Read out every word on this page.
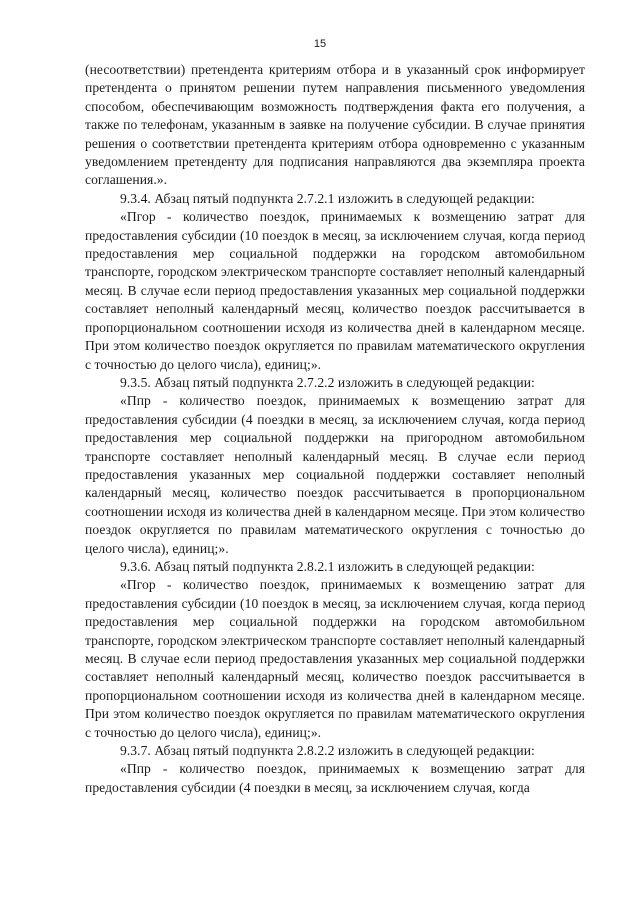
15

(несоответствии) претендента критериям отбора и в указанный срок информирует претендента о принятом решении путем направления письменного уведомления способом, обеспечивающим возможность подтверждения факта его получения, а также по телефонам, указанным в заявке на получение субсидии. В случае принятия решения о соответствии претендента критериям отбора одновременно с указанным уведомлением претенденту для подписания направляются два экземпляра проекта соглашения.».

9.3.4. Абзац пятый подпункта 2.7.2.1 изложить в следующей редакции:

«Пгор - количество поездок, принимаемых к возмещению затрат для предоставления субсидии (10 поездок в месяц, за исключением случая, когда период предоставления мер социальной поддержки на городском автомобильном транспорте, городском электрическом транспорте составляет неполный календарный месяц. В случае если период предоставления указанных мер социальной поддержки составляет неполный календарный месяц, количество поездок рассчитывается в пропорциональном соотношении исходя из количества дней в календарном месяце. При этом количество поездок округляется по правилам математического округления с точностью до целого числа), единиц;».

9.3.5. Абзац пятый подпункта 2.7.2.2 изложить в следующей редакции:

«Ппр - количество поездок, принимаемых к возмещению затрат для предоставления субсидии (4 поездки в месяц, за исключением случая, когда период предоставления мер социальной поддержки на пригородном автомобильном транспорте составляет неполный календарный месяц. В случае если период предоставления указанных мер социальной поддержки составляет неполный календарный месяц, количество поездок рассчитывается в пропорциональном соотношении исходя из количества дней в календарном месяце. При этом количество поездок округляется по правилам математического округления с точностью до целого числа), единиц;».

9.3.6. Абзац пятый подпункта 2.8.2.1 изложить в следующей редакции:

«Пгор - количество поездок, принимаемых к возмещению затрат для предоставления субсидии (10 поездок в месяц, за исключением случая, когда период предоставления мер социальной поддержки на городском автомобильном транспорте, городском электрическом транспорте составляет неполный календарный месяц. В случае если период предоставления указанных мер социальной поддержки составляет неполный календарный месяц, количество поездок рассчитывается в пропорциональном соотношении исходя из количества дней в календарном месяце. При этом количество поездок округляется по правилам математического округления с точностью до целого числа), единиц;».

9.3.7. Абзац пятый подпункта 2.8.2.2 изложить в следующей редакции:

«Ппр - количество поездок, принимаемых к возмещению затрат для предоставления субсидии (4 поездки в месяц, за исключением случая, когда
